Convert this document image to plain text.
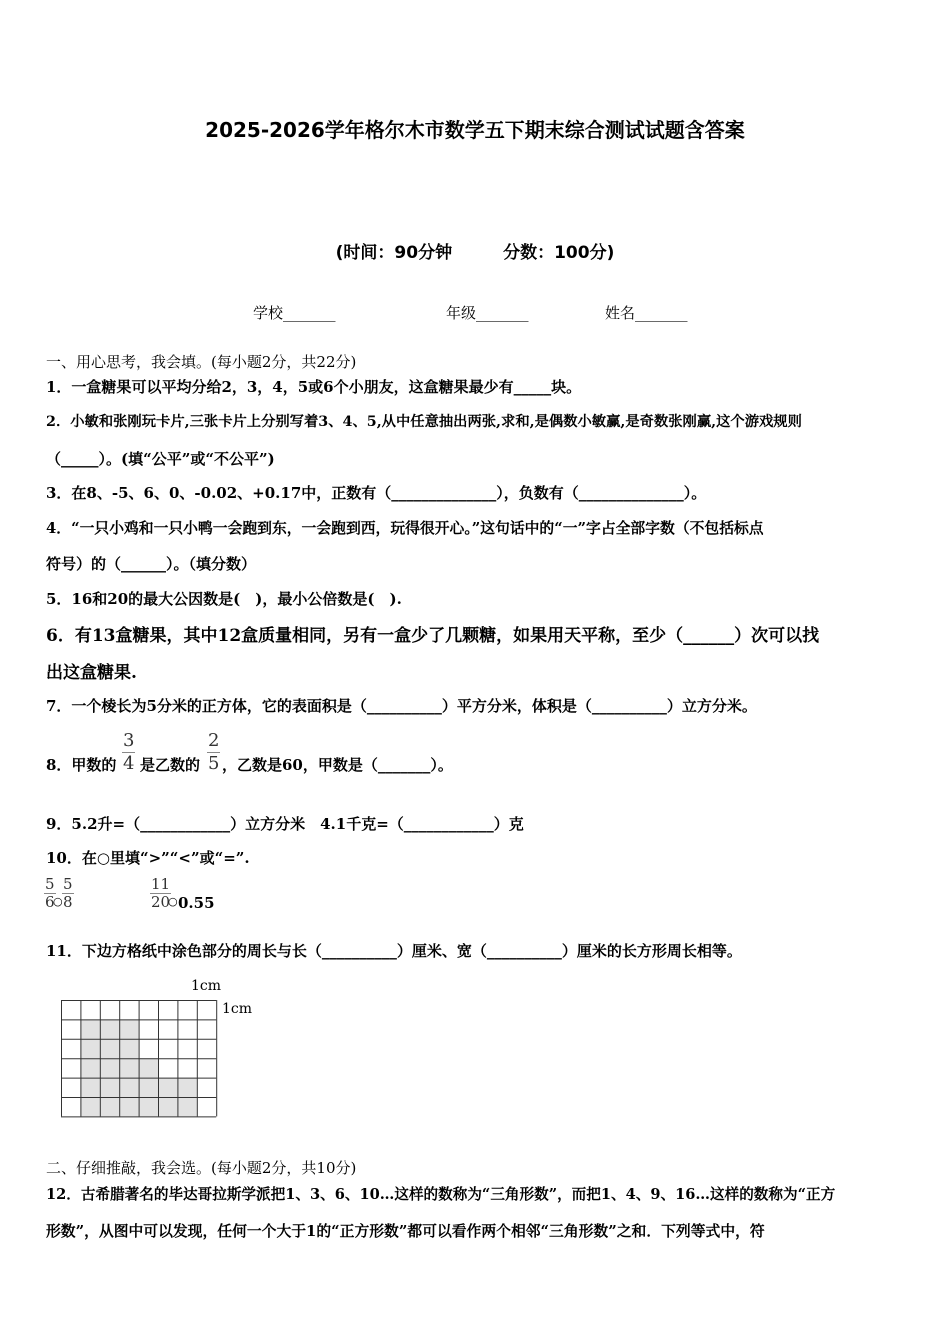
2025-2026学年格尔木市数学五下期末综合测试试题含答案
(时间：90分钟　　　分数：100分)
学校_______	年级_______	姓名_______
一、用心思考，我会填。(每小题2分，共22分)
1．一盒糖果可以平均分给2，3，4，5或6个小朋友，这盒糖果最少有_____块。
2．小敏和张刚玩卡片,三张卡片上分别写着3、4、5,从中任意抽出两张,求和,是偶数小敏赢,是奇数张刚赢,这个游戏规则
（_____）。(填“公平”或“不公平”)
3．在8、-5、6、0、-0.02、+0.17中，正数有（______________），负数有（______________）。
4．“一只小鸡和一只小鸭一会跑到东，一会跑到西，玩得很开心。”这句话中的“一”字占全部字数（不包括标点
符号）的（______）。（填分数）
5．16和20的最大公因数是(　)，最小公倍数是(　).
6．有13盒糖果，其中12盒质量相同，另有一盒少了几颗糖，如果用天平称，至少（______）次可以找
出这盒糖果.
7．一个棱长为5分米的正方体，它的表面积是（__________）平方分米，体积是（__________）立方分米。
8．甲数的 $\frac{3}{4}$ 是乙数的 $\frac{2}{5}$ ，乙数是60，甲数是（_______）。
9．5.2升=（____________）立方分米　4.1千克=（____________）克
10．在○里填“>”“<”或“=”.
$\frac{5}{6}$
○ $\frac{5}{8}$	$\frac{11}{20}$
○ 0.55
11．下边方格纸中涂色部分的周长与长（__________）厘米、宽（__________）厘米的长方形周长相等。
1cm
1cm
二、仔细推敲，我会选。(每小题2分，共10分)
12．古希腊著名的毕达哥拉斯学派把1、3、6、10…这样的数称为“三角形数”，而把1、4、9、16…这样的数称为“正方
形数”，从图中可以发现，任何一个大于1的“正方形数”都可以看作两个相邻“三角形数”之和．下列等式中，符
